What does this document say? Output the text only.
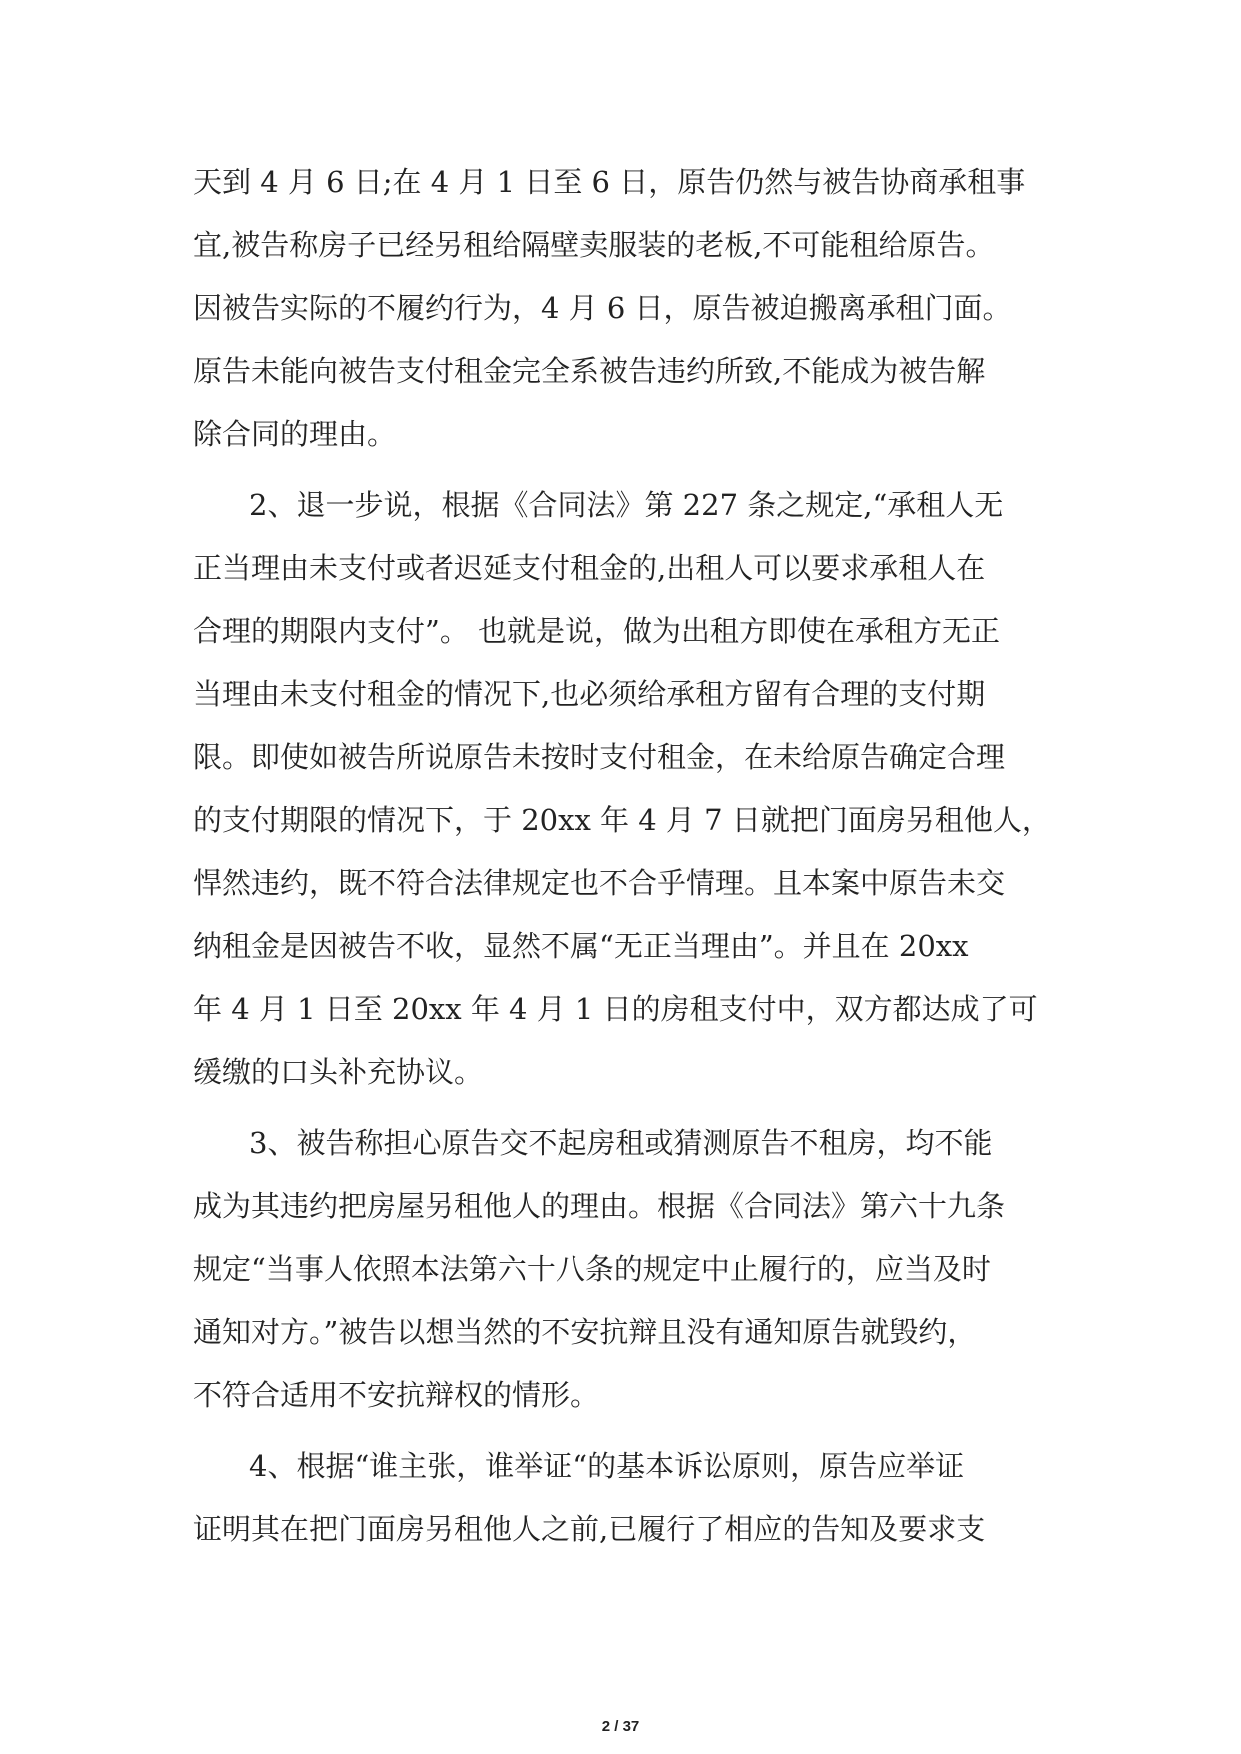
天到 4 月 6 日;在 4 月 1 日至 6 日，原告仍然与被告协商承租事
宜,被告称房子已经另租给隔壁卖服装的老板,不可能租给原告。
因被告实际的不履约行为，4 月 6 日，原告被迫搬离承租门面。
原告未能向被告支付租金完全系被告违约所致,不能成为被告解
除合同的理由。
2、退一步说，根据《合同法》第 227 条之规定,“承租人无
正当理由未支付或者迟延支付租金的,出租人可以要求承租人在
合理的期限内支付”。 也就是说，做为出租方即使在承租方无正
当理由未支付租金的情况下,也必须给承租方留有合理的支付期
限。即使如被告所说原告未按时支付租金，在未给原告确定合理
的支付期限的情况下，于 20xx 年 4 月 7 日就把门面房另租他人，
悍然违约，既不符合法律规定也不合乎情理。且本案中原告未交
纳租金是因被告不收，显然不属“无正当理由”。并且在 20xx
年 4 月 1 日至 20xx 年 4 月 1 日的房租支付中，双方都达成了可
缓缴的口头补充协议。
3、被告称担心原告交不起房租或猜测原告不租房，均不能
成为其违约把房屋另租他人的理由。根据《合同法》第六十九条
规定“当事人依照本法第六十八条的规定中止履行的，应当及时
通知对方。”被告以想当然的不安抗辩且没有通知原告就毁约，
不符合适用不安抗辩权的情形。
4、根据“谁主张，谁举证“的基本诉讼原则，原告应举证
证明其在把门面房另租他人之前,已履行了相应的告知及要求支
2 / 37
